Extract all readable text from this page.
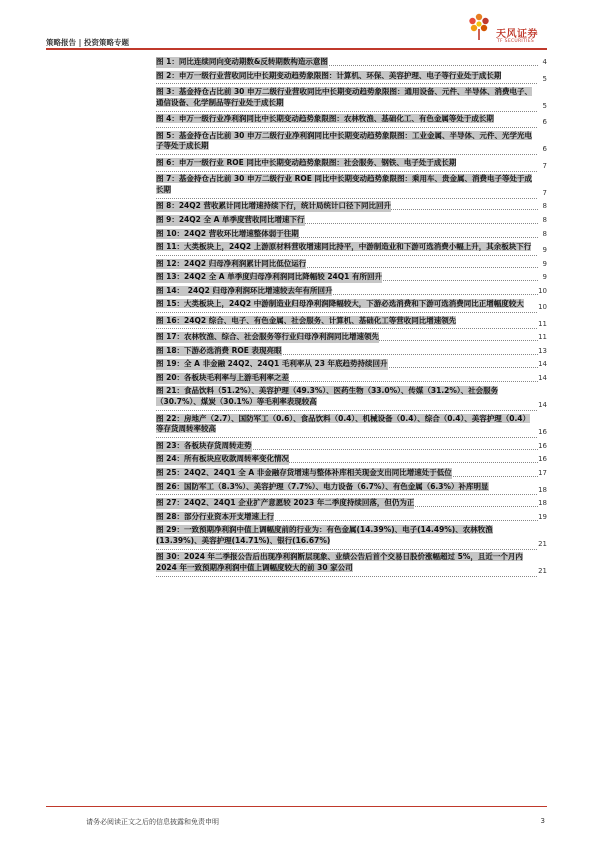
策略报告 | 投资策略专题
天风证券
TF SECURITIES
图 1：同比连续同向变动期数&反转期数构造示意图	4
图 2：申万一级行业营收同比中长期变动趋势象限图：计算机、环保、美容护理、电子等行业处于成长期	5
图 3：基金持仓占比前 30 申万二级行业营收同比中长期变动趋势象限图：通用设备、元件、半导体、消费电子、通信设备、化学制品等行业处于成长期	5
图 4：申万一级行业净利润同比中长期变动趋势象限图：农林牧渔、基础化工、有色金属等处于成长期	6
图 5：基金持仓占比前 30 申万二级行业净利润同比中长期变动趋势象限图：工业金属、半导体、元件、光学光电子等处于成长期	6
图 6：申万一级行业 ROE 同比中长期变动趋势象限图：社会服务、钢铁、电子处于成长期	7
图 7：基金持仓占比前 30 申万二级行业 ROE 同比中长期变动趋势象限图：乘用车、贵金属、消费电子等处于成长期	7
图 8：24Q2 营收累计同比增速持续下行，统计局统计口径下同比回升	8
图 9：24Q2 全 A 单季度营收同比增速下行	8
图 10：24Q2 营收环比增速整体弱于往期	8
图 11：大类板块上，24Q2 上游原材料营收增速同比持平，中游制造业和下游可选消费小幅上升，其余板块下行 9
图 12：24Q2 归母净利润累计同比低位运行	9
图 13：24Q2 全 A 单季度归母净利润同比降幅较 24Q1 有所回升	9
图 14：　24Q2 归母净利润环比增速较去年有所回升	10
图 15：大类板块上，24Q2 中游制造业归母净利润降幅较大，下游必选消费和下游可选消费同比正增幅度较大 10
图 16：24Q2 综合、电子、有色金属、社会服务、计算机、基础化工等营收同比增速领先	11
图 17：农林牧渔、综合、社会服务等行业归母净利润同比增速领先	11
图 18：下游必选消费 ROE 表现亮眼	13
图 19：全 A 非金融 24Q2、24Q1 毛利率从 23 年底趋势持续回升	14
图 20：各板块毛利率与上游毛利率之差	14
图 21：食品饮料（51.2%）、美容护理（49.3%）、医药生物（33.0%）、传媒（31.2%）、社会服务（30.7%）、煤炭（30.1%）等毛利率表现较高	14
图 22：房地产（2.7）、国防军工（0.6）、食品饮料（0.4）、机械设备（0.4）、综合（0.4）、美容护理（0.4）等存货周转率较高	16
图 23：各板块存货周转走势	16
图 24：所有板块应收款周转率变化情况	16
图 25：24Q2、24Q1 全 A 非金融存货增速与整体补库相关现金支出同比增速处于低位	17
图 26：国防军工（8.3%）、美容护理（7.7%）、电力设备（6.7%）、有色金属（6.3%）补库明显	18
图 27：24Q2、24Q1 企业扩产意愿较 2023 年二季度持续回落，但仍为正	18
图 28：部分行业资本开支增速上行	19
图 29：一致预期净利润中值上调幅度前的行业为：有色金属(14.39%)、电子(14.49%)、农林牧渔(13.39%)、美容护理(14.71%)、银行(16.67%)	21
图 30：2024 年二季报公告后出现净利润断层现象、业绩公告后首个交易日股价涨幅超过 5%，且近一个月内 2024 年一致预期净利润中值上调幅度较大的前 30 家公司	21
请务必阅读正文之后的信息披露和免责申明	3
